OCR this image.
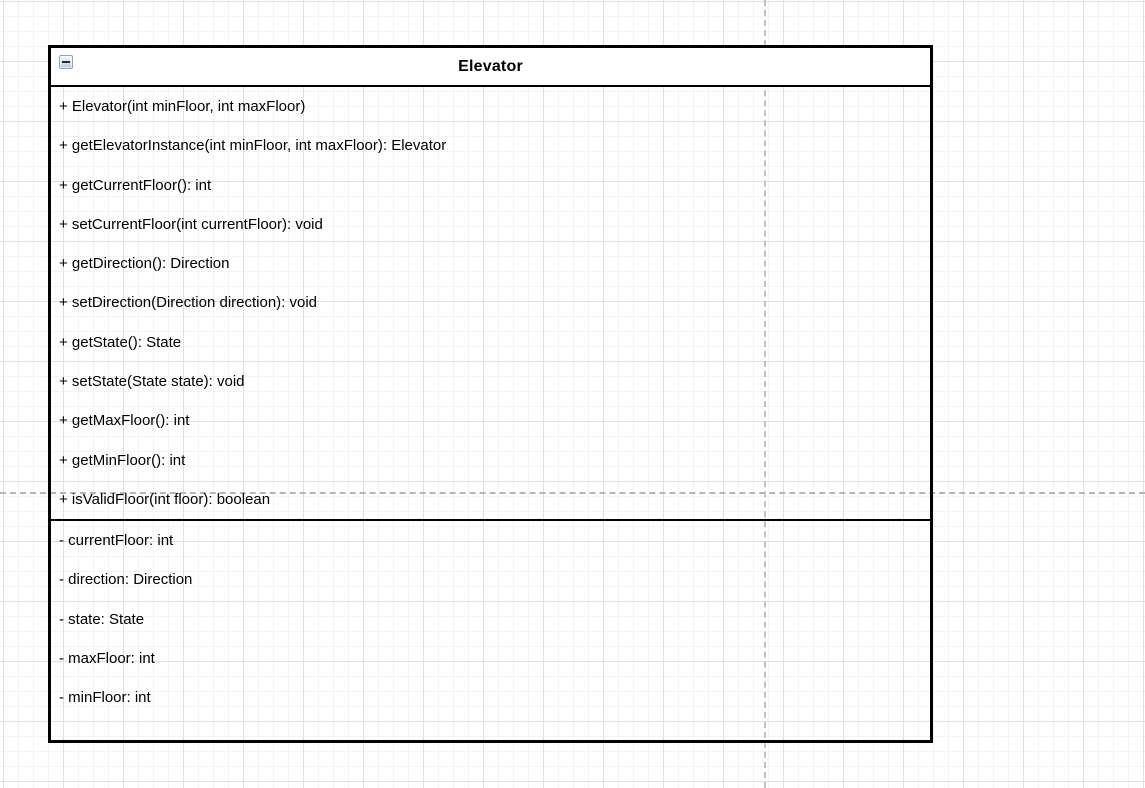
Elevator
+ Elevator(int minFloor, int maxFloor)
+ getElevatorInstance(int minFloor, int maxFloor): Elevator
+ getCurrentFloor(): int
+ setCurrentFloor(int currentFloor): void
+ getDirection(): Direction
+ setDirection(Direction direction): void
+ getState(): State
+ setState(State state): void
+ getMaxFloor(): int
+ getMinFloor(): int
+ isValidFloor(int floor): boolean
- currentFloor: int
- direction: Direction
- state: State
- maxFloor: int
- minFloor: int
